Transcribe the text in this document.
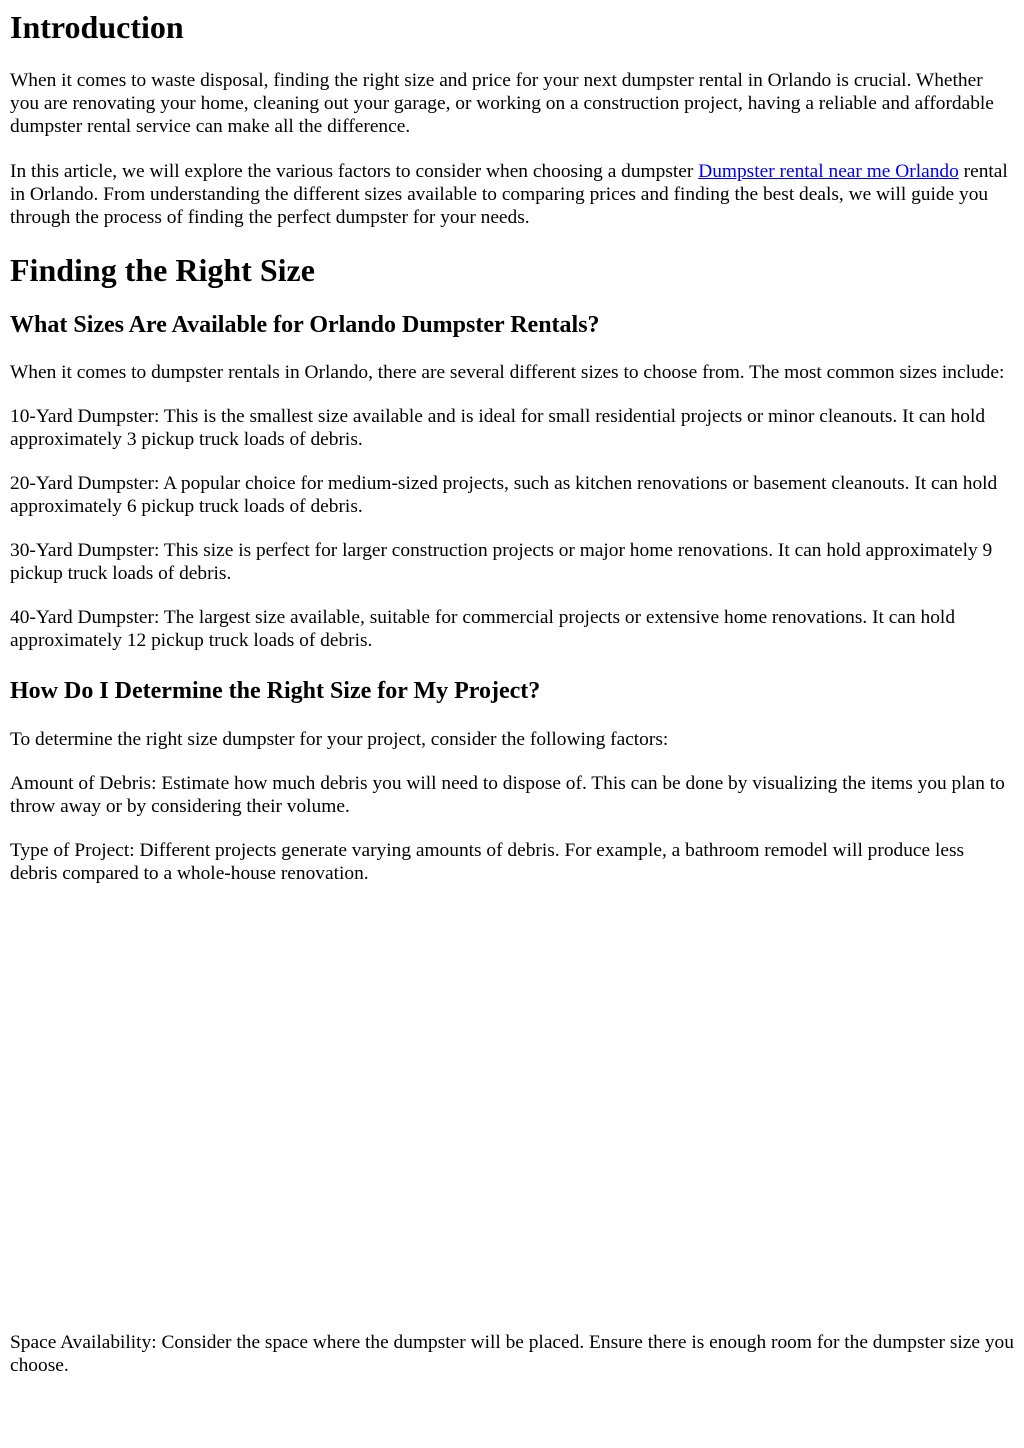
Introduction

When it comes to waste disposal, finding the right size and price for your next dumpster rental in Orlando is crucial. Whether you are renovating your home, cleaning out your garage, or working on a construction project, having a reliable and affordable dumpster rental service can make all the difference.

In this article, we will explore the various factors to consider when choosing a dumpster Dumpster rental near me Orlando rental in Orlando. From understanding the different sizes available to comparing prices and finding the best deals, we will guide you through the process of finding the perfect dumpster for your needs.

Finding the Right Size
What Sizes Are Available for Orlando Dumpster Rentals?

When it comes to dumpster rentals in Orlando, there are several different sizes to choose from. The most common sizes include:

10-Yard Dumpster: This is the smallest size available and is ideal for small residential projects or minor cleanouts. It can hold approximately 3 pickup truck loads of debris.

20-Yard Dumpster: A popular choice for medium-sized projects, such as kitchen renovations or basement cleanouts. It can hold approximately 6 pickup truck loads of debris.

30-Yard Dumpster: This size is perfect for larger construction projects or major home renovations. It can hold approximately 9 pickup truck loads of debris.

40-Yard Dumpster: The largest size available, suitable for commercial projects or extensive home renovations. It can hold approximately 12 pickup truck loads of debris.

How Do I Determine the Right Size for My Project?

To determine the right size dumpster for your project, consider the following factors:

Amount of Debris: Estimate how much debris you will need to dispose of. This can be done by visualizing the items you plan to throw away or by considering their volume.

Type of Project: Different projects generate varying amounts of debris. For example, a bathroom remodel will produce less debris compared to a whole-house renovation.

Space Availability: Consider the space where the dumpster will be placed. Ensure there is enough room for the dumpster size you choose.
